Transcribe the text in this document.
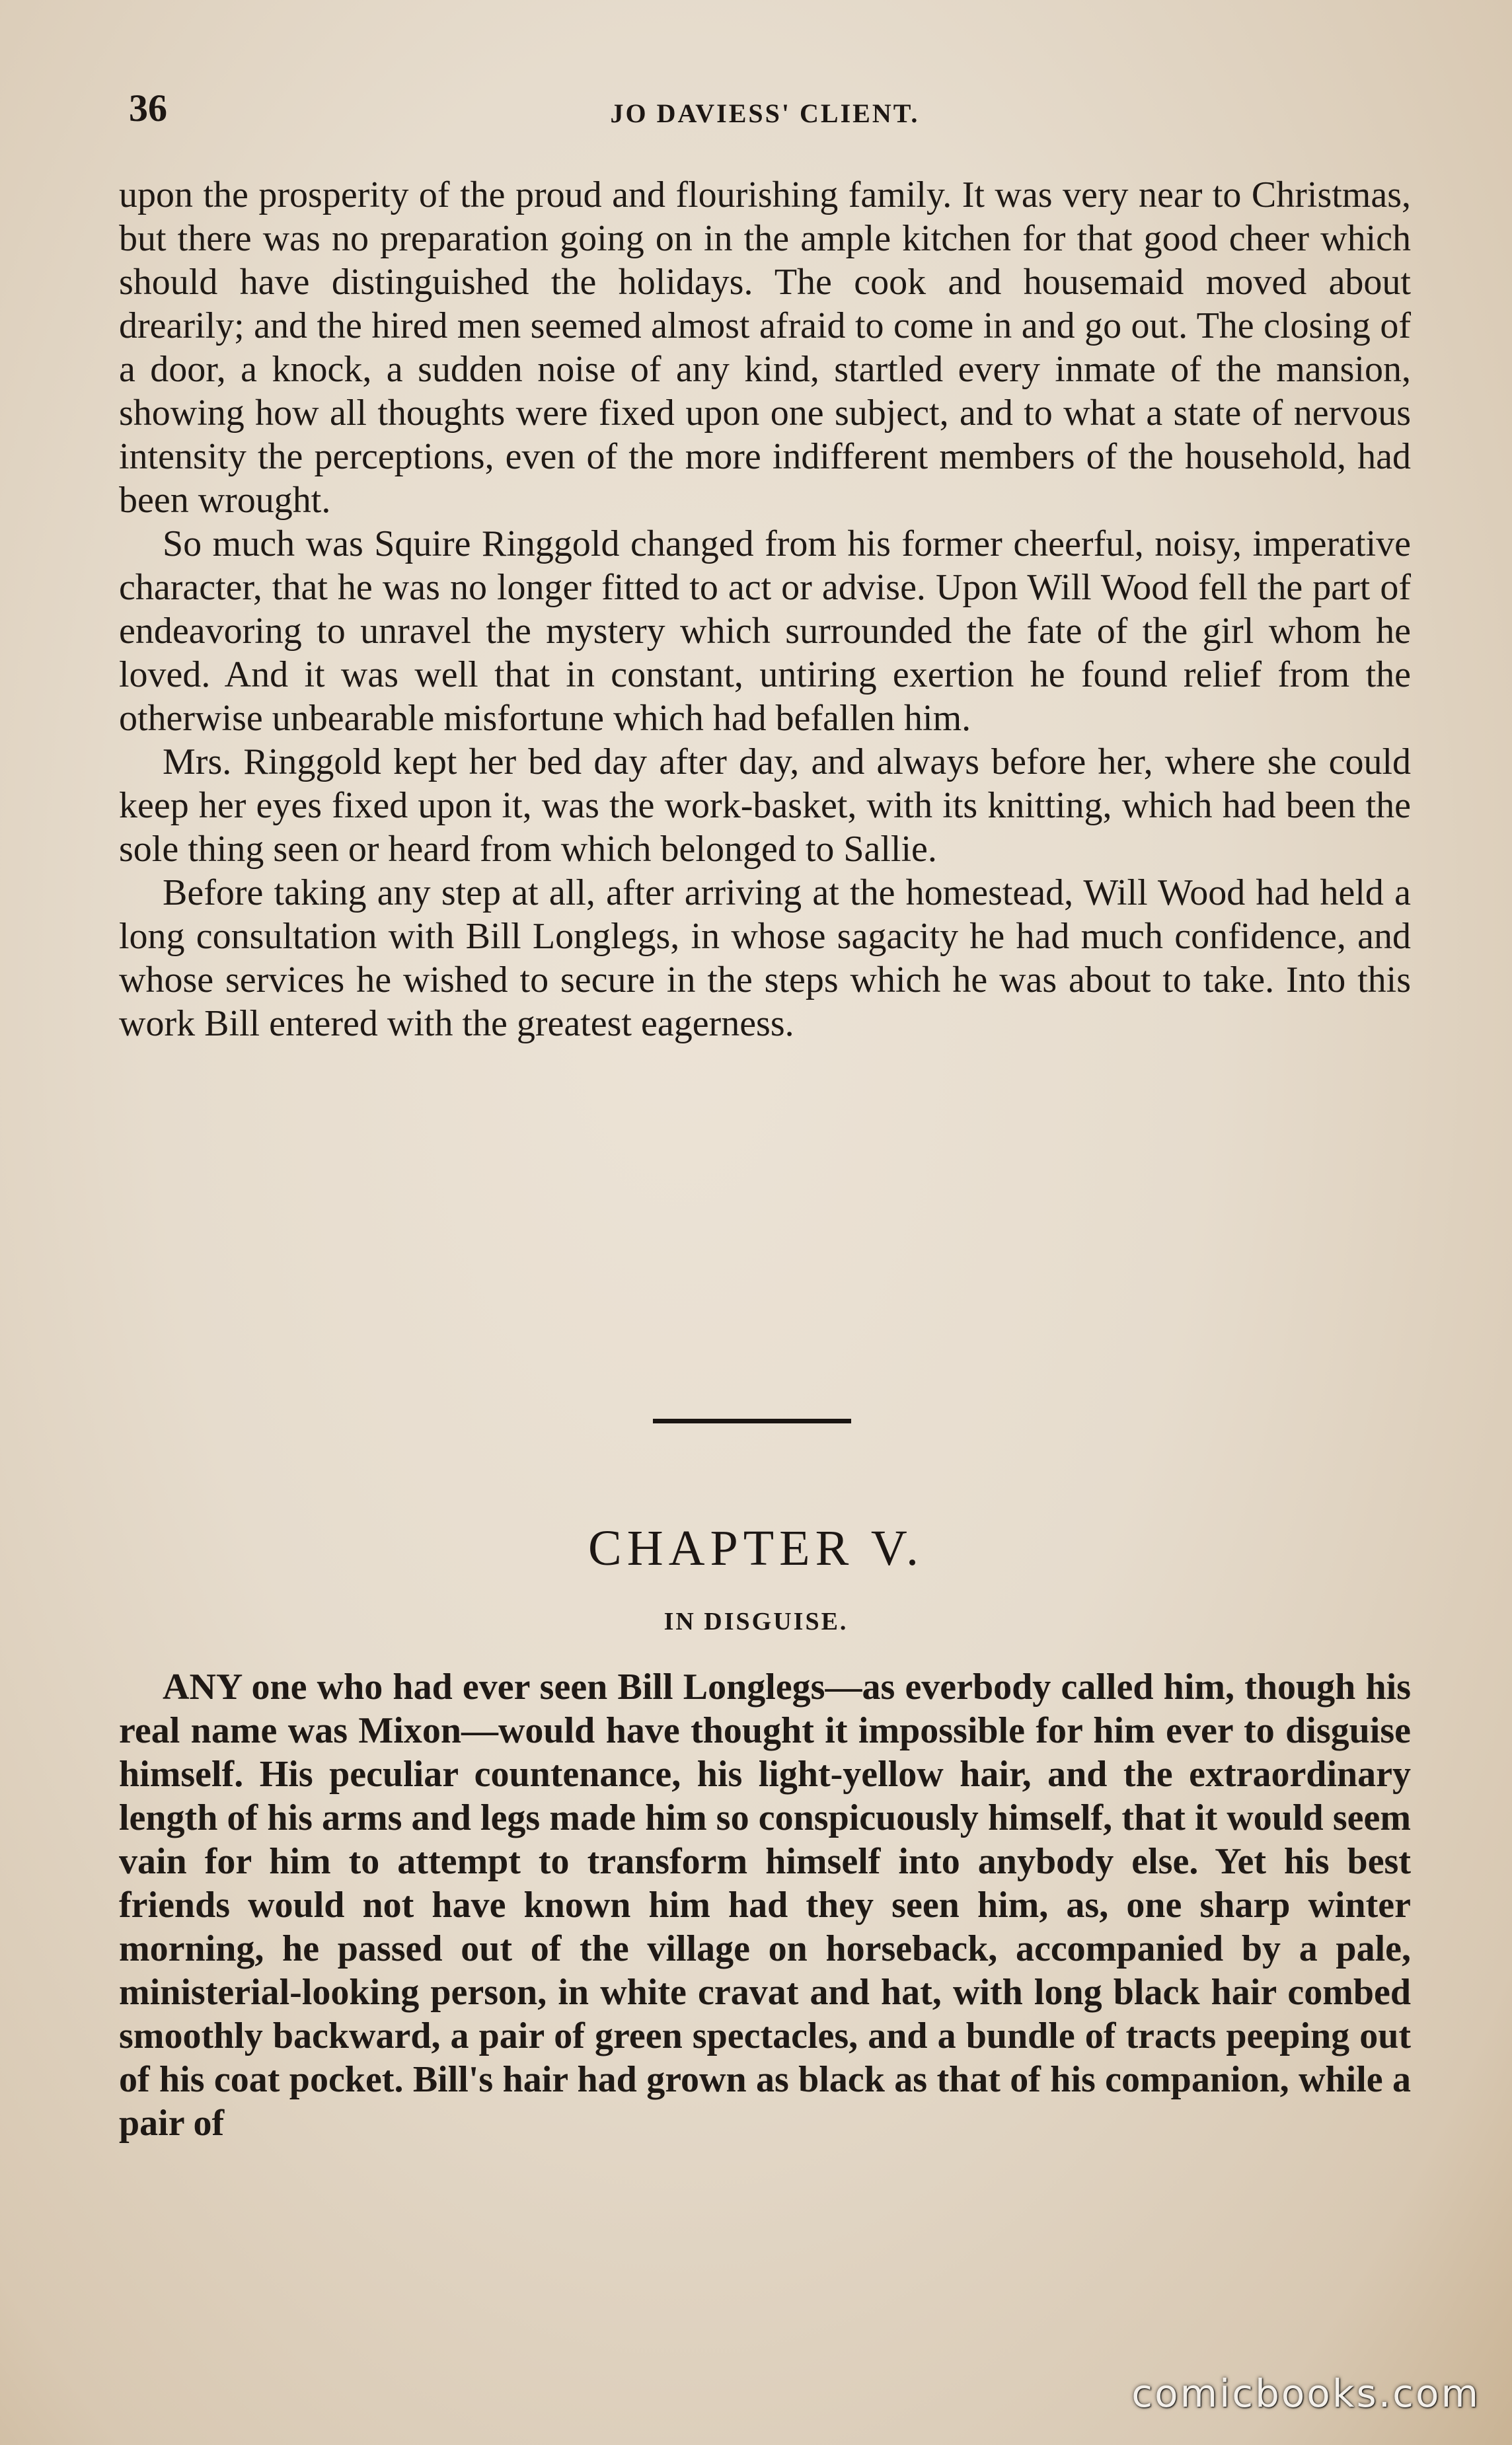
36	JO DAVIESS' CLIENT.

upon the prosperity of the proud and flourishing family. It was very near to Christmas, but there was no preparation going on in the ample kitchen for that good cheer which should have distinguished the holidays. The cook and housemaid moved about drearily; and the hired men seemed almost afraid to come in and go out. The closing of a door, a knock, a sudden noise of any kind, startled every inmate of the mansion, showing how all thoughts were fixed upon one subject, and to what a state of nervous intensity the perceptions, even of the more indifferent members of the household, had been wrought.

So much was Squire Ringgold changed from his former cheerful, noisy, imperative character, that he was no longer fitted to act or advise. Upon Will Wood fell the part of endeavoring to unravel the mystery which surrounded the fate of the girl whom he loved. And it was well that in constant, untiring exertion he found relief from the otherwise unbearable misfortune which had befallen him.

Mrs. Ringgold kept her bed day after day, and always before her, where she could keep her eyes fixed upon it, was the work-basket, with its knitting, which had been the sole thing seen or heard from which belonged to Sallie.

Before taking any step at all, after arriving at the homestead, Will Wood had held a long consultation with Bill Longlegs, in whose sagacity he had much confidence, and whose services he wished to secure in the steps which he was about to take. Into this work Bill entered with the greatest eagerness.

CHAPTER V.
IN DISGUISE.

ANY one who had ever seen Bill Longlegs—as everbody called him, though his real name was Mixon—would have thought it impossible for him ever to disguise himself. His peculiar countenance, his light-yellow hair, and the extraordinary length of his arms and legs made him so conspicuously himself, that it would seem vain for him to attempt to transform himself into anybody else. Yet his best friends would not have known him had they seen him, as, one sharp winter morning, he passed out of the village on horseback, accompanied by a pale, ministerial-looking person, in white cravat and hat, with long black hair combed smoothly backward, a pair of green spectacles, and a bundle of tracts peeping out of his coat pocket. Bill's hair had grown as black as that of his companion, while a pair of

comicbooks.com
